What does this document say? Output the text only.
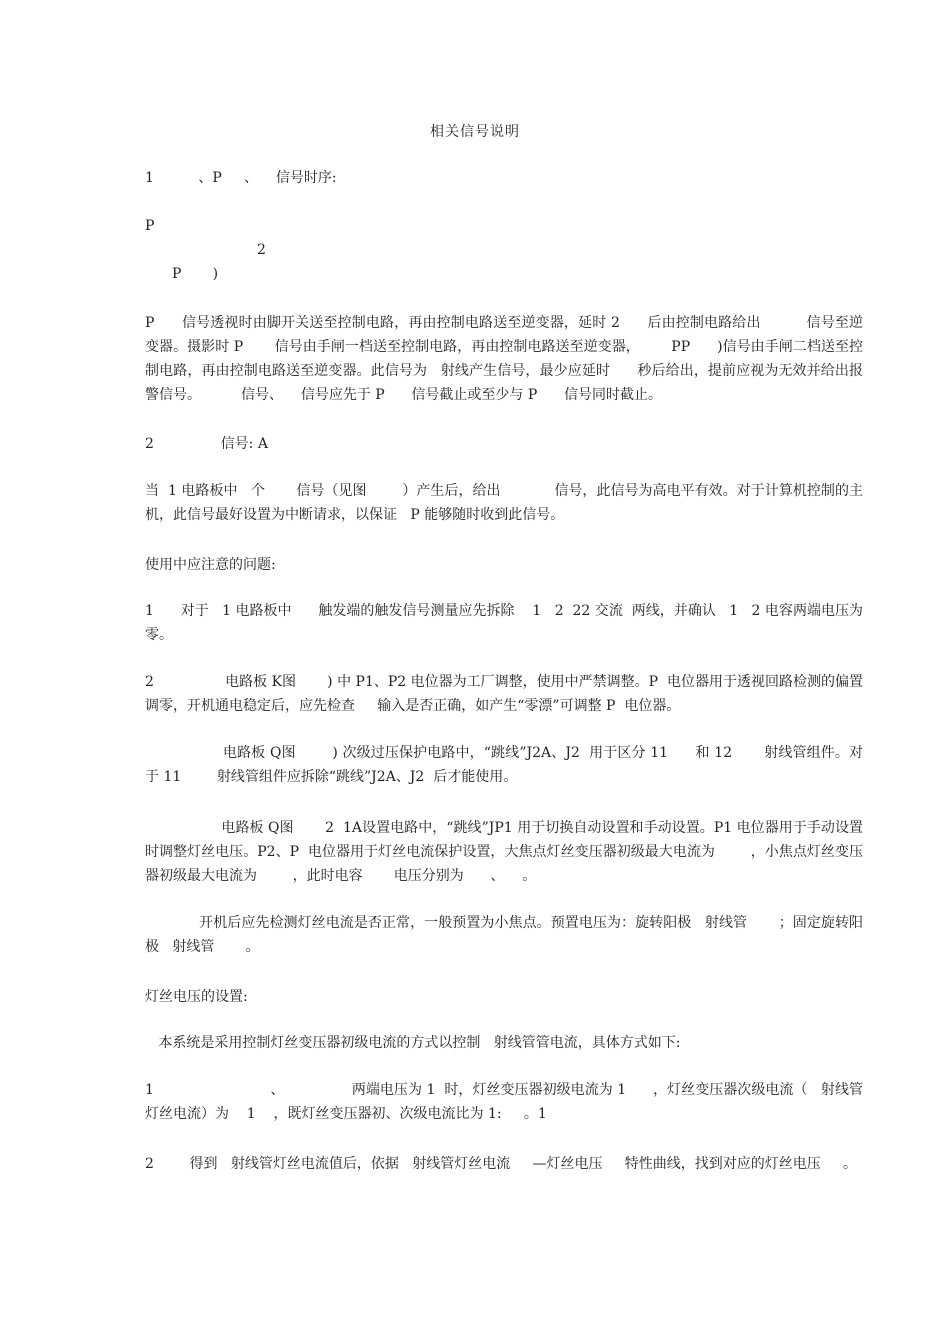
相关信号说明
1          、P     、    信号时序:
P
2
P       )
P      信号透视时由脚开关送至控制电路，再由控制电路送至逆变器，延时 2      后由控制电路给出          信号至逆变器。摄影时 P       信号由手闸一档送至控制电路，再由控制电路送至逆变器，       PP      )信号由手闸二档送至控制电路，再由控制电路送至逆变器。此信号为   射线产生信号，最少应延时      秒后给出，提前应视为无效并给出报警信号。         信号、    信号应先于 P      信号截止或至少与 P      信号同时截止。
2               信号: A
当  1 电路板中   个       信号（见图        ）产生后，给出            信号，此信号为高电平有效。对于计算机控制的主机，此信号最好设置为中断请求，以保证   P 能够随时收到此信号。
使用中应注意的问题:
1      对于   1 电路板中      触发端的触发信号测量应先拆除    1   2  22 交流  两线，并确认   1   2 电容两端电压为零。
2                电路板 K图       ) 中 P1、P2 电位器为工厂调整，使用中严禁调整。P  电位器用于透视回路检测的偏置调零，开机通电稳定后，应先检查     输入是否正确，如产生“零漂”可调整 P  电位器。
电路板 Q图        ) 次级过压保护电路中，“跳线”J2A、J2  用于区分 11      和 12       射线管组件。对于 11        射线管组件应拆除“跳线”J2A、J2  后才能使用。
电路板 Q图       2  1A设置电路中，“跳线”JP1 用于切换自动设置和手动设置。P1 电位器用于手动设置时调整灯丝电压。P2、P  电位器用于灯丝电流保护设置，大焦点灯丝变压器初级最大电流为        ，小焦点灯丝变压器初级最大电流为        ，此时电容       电压分别为      、    。
开机后应先检测灯丝电流是否正常，一般预置为小焦点。预置电压为：旋转阳极   射线管       ；固定旋转阳极   射线管       。
灯丝电压的设置:
本系统是采用控制灯丝变压器初级电流的方式以控制   射线管管电流，具体方式如下:
1                          、               两端电压为 1  时，灯丝变压器初级电流为 1      ，灯丝变压器次级电流（   射线管灯丝电流）为    1    ，既灯丝变压器初、次级电流比为 1:     。1
2        得到   射线管灯丝电流值后，依据   射线管灯丝电流     —灯丝电压     特性曲线，找到对应的灯丝电压     。
